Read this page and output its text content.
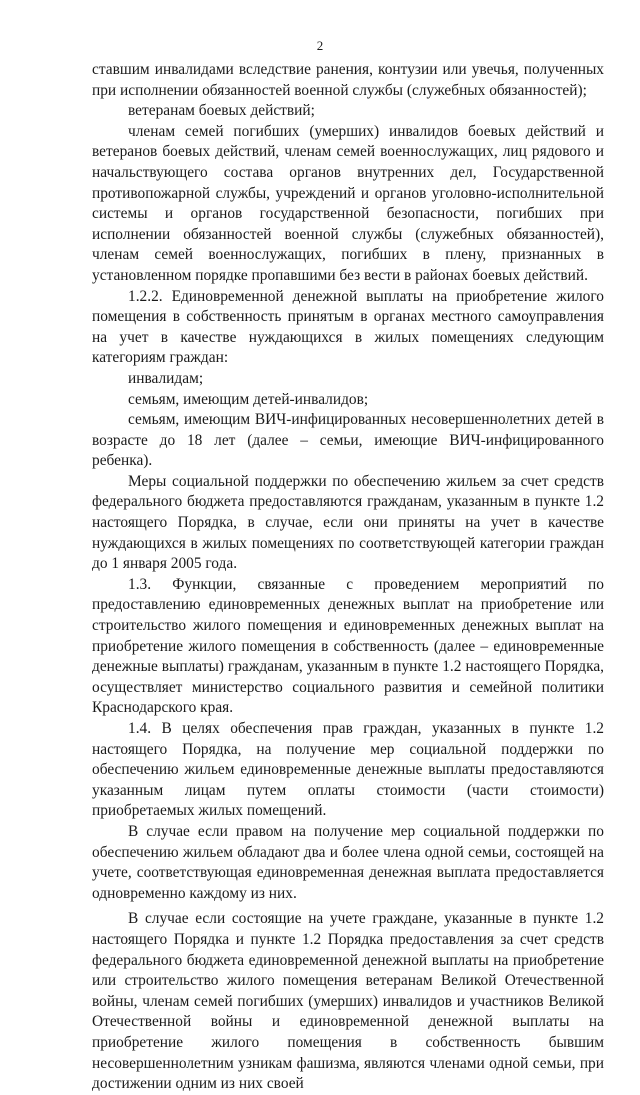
2

ставшим инвалидами вследствие ранения, контузии или увечья, полученных при исполнении обязанностей военной службы (служебных обязанностей);

ветеранам боевых действий;

членам семей погибших (умерших) инвалидов боевых действий и ветеранов боевых действий, членам семей военнослужащих, лиц рядового и начальствующего состава органов внутренних дел, Государственной противопожарной службы, учреждений и органов уголовно-исполнительной системы и органов государственной безопасности, погибших при исполнении обязанностей военной службы (служебных обязанностей), членам семей военнослужащих, погибших в плену, признанных в установленном порядке пропавшими без вести в районах боевых действий.

1.2.2. Единовременной денежной выплаты на приобретение жилого помещения в собственность принятым в органах местного самоуправления на учет в качестве нуждающихся в жилых помещениях следующим категориям граждан:

инвалидам;

семьям, имеющим детей-инвалидов;

семьям, имеющим ВИЧ-инфицированных несовершеннолетних детей в возрасте до 18 лет (далее – семьи, имеющие ВИЧ-инфицированного ребенка).

Меры социальной поддержки по обеспечению жильем за счет средств федерального бюджета предоставляются гражданам, указанным в пункте 1.2 настоящего Порядка, в случае, если они приняты на учет в качестве нуждающихся в жилых помещениях по соответствующей категории граждан до 1 января 2005 года.

1.3. Функции, связанные с проведением мероприятий по предоставлению единовременных денежных выплат на приобретение или строительство жилого помещения и единовременных денежных выплат на приобретение жилого помещения в собственность (далее – единовременные денежные выплаты) гражданам, указанным в пункте 1.2 настоящего Порядка, осуществляет министерство социального развития и семейной политики Краснодарского края.

1.4. В целях обеспечения прав граждан, указанных в пункте 1.2 настоящего Порядка, на получение мер социальной поддержки по обеспечению жильем единовременные денежные выплаты предоставляются указанным лицам путем оплаты стоимости (части стоимости) приобретаемых жилых помещений.

В случае если правом на получение мер социальной поддержки по обеспечению жильем обладают два и более члена одной семьи, состоящей на учете, соответствующая единовременная денежная выплата предоставляется одновременно каждому из них.

В случае если состоящие на учете граждане, указанные в пункте 1.2 настоящего Порядка и пункте 1.2 Порядка предоставления за счет средств федерального бюджета единовременной денежной выплаты на приобретение или строительство жилого помещения ветеранам Великой Отечественной войны, членам семей погибших (умерших) инвалидов и участников Великой Отечественной войны и единовременной денежной выплаты на приобретение жилого помещения в собственность бывшим несовершеннолетним узникам фашизма, являются членами одной семьи, при достижении одним из них своей
